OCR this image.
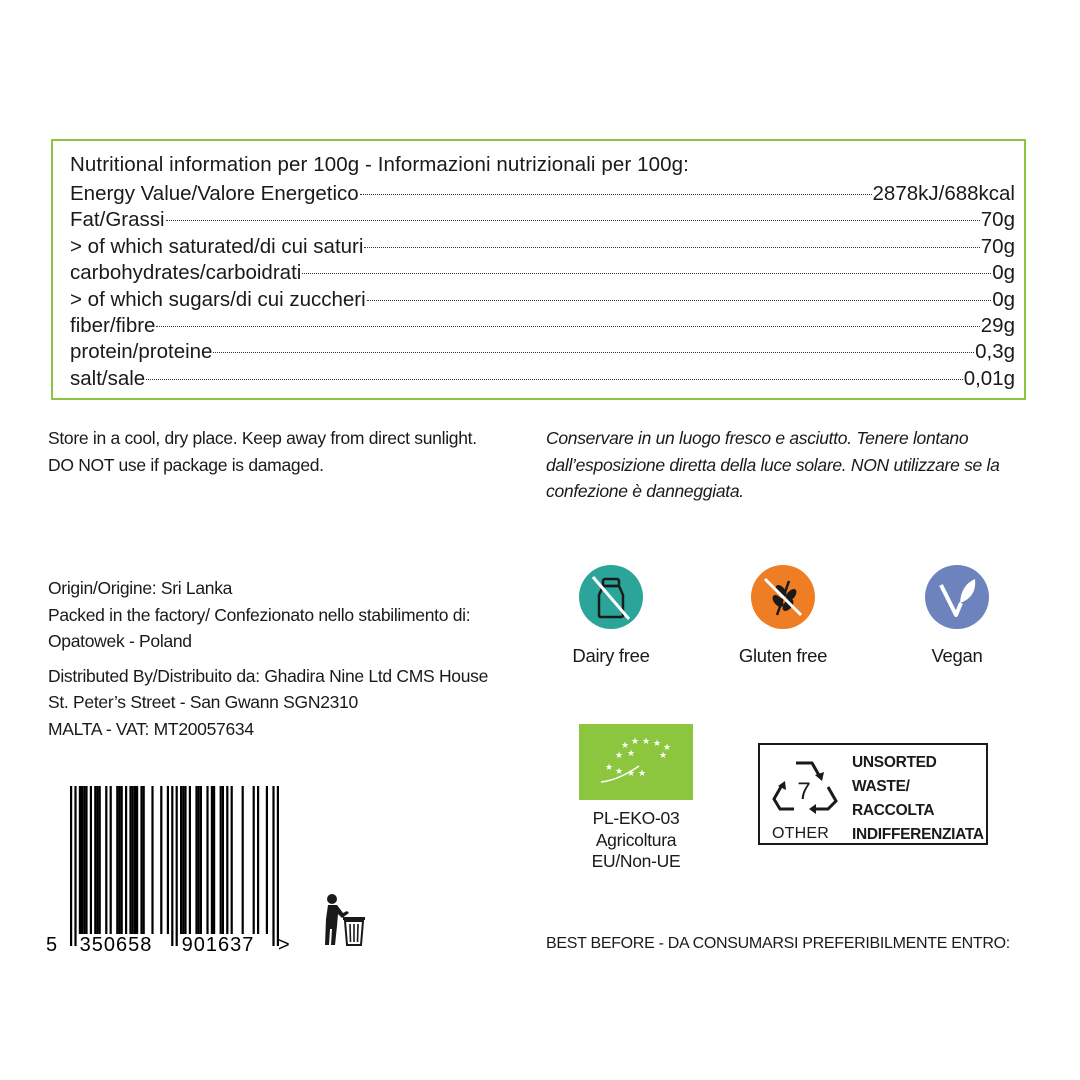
Nutritional information per 100g - Informazioni nutrizionali per 100g:
Energy Value/Valore Energetico	2878kJ/688kcal
Fat/Grassi	70g
> of which saturated/di cui saturi	70g
carbohydrates/carboidrati	0g
> of which sugars/di cui zuccheri	0g
fiber/fibre	29g
protein/proteine	0,3g
salt/sale	0,01g
Store in a cool, dry place. Keep away from direct sunlight.
DO NOT use if package is damaged.
Conservare in un luogo fresco e asciutto. Tenere lontano
dall’esposizione diretta della luce solare. NON utilizzare se la
confezione è danneggiata.
Origin/Origine: Sri Lanka
Packed in the factory/ Confezionato nello stabilimento di:
Opatowek - Poland
Distributed By/Distribuito da: Ghadira Nine Ltd CMS House
St. Peter’s Street - San Gwann SGN2310
MALTA - VAT: MT20057634
Dairy free	Gluten free	Vegan
★ ★ ★ ★ ★
★ ★	★
★ ★ ★ ★
PL-EKO-03
Agricoltura
EU/Non-UE
7
OTHER
UNSORTED
WASTE/
RACCOLTA
INDIFFERENZIATA
5 350658 901637 >	BEST BEFORE - DA CONSUMARSI PREFERIBILMENTE ENTRO:
